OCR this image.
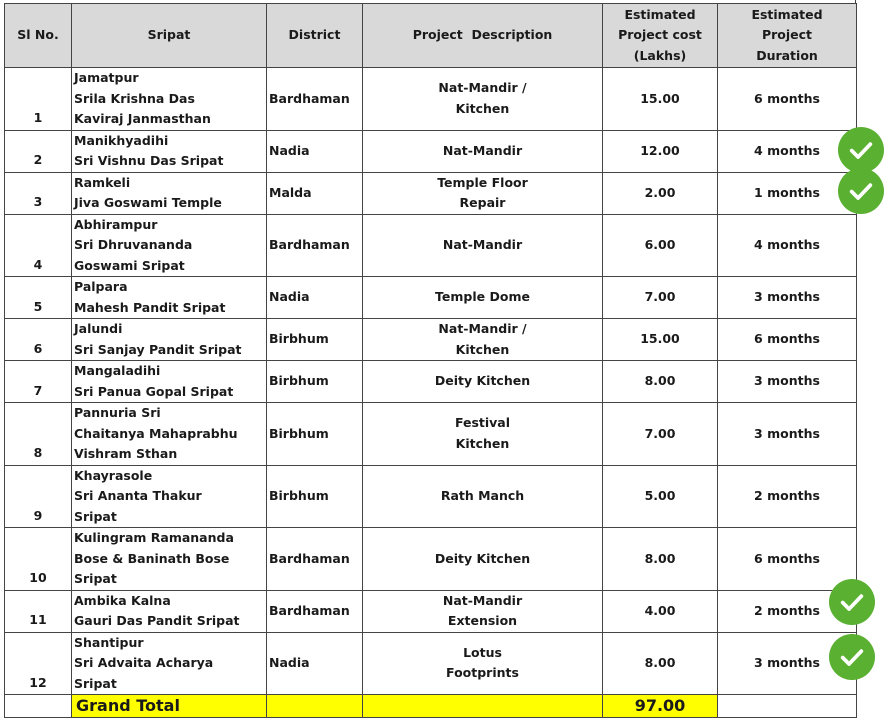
Sl No.	Sripat	District	Project  Description	Estimated
Project cost
(Lakhs)	Estimated
Project
Duration

1	Jamatpur
Srila Krishna Das
Kaviraj Janmasthan	Bardhaman	Nat-Mandir /
Kitchen	15.00	6 months

2	Manikhyadihi
Sri Vishnu Das Sripat	Nadia	Nat-Mandir	12.00	4 months

3	Ramkeli
Jiva Goswami Temple	Malda	Temple Floor
Repair	2.00	1 months

4	Abhirampur
Sri Dhruvananda
Goswami Sripat	Bardhaman	Nat-Mandir	6.00	4 months

5	Palpara
Mahesh Pandit Sripat	Nadia	Temple Dome	7.00	3 months

6	Jalundi
Sri Sanjay Pandit Sripat	Birbhum	Nat-Mandir /
Kitchen	15.00	6 months

7	Mangaladihi
Sri Panua Gopal Sripat	Birbhum	Deity Kitchen	8.00	3 months

8	Pannuria Sri
Chaitanya Mahaprabhu
Vishram Sthan	Birbhum	Festival
Kitchen	7.00	3 months

9	Khayrasole
Sri Ananta Thakur
Sripat	Birbhum	Rath Manch	5.00	2 months

10	Kulingram Ramananda
Bose & Baninath Bose
Sripat	Bardhaman	Deity Kitchen	8.00	6 months

11	Ambika Kalna
Gauri Das Pandit Sripat	Bardhaman	Nat-Mandir
Extension	4.00	2 months

12	Shantipur
Sri Advaita Acharya
Sripat	Nadia	Lotus
Footprints	8.00	3 months
	Grand Total			97.00	
